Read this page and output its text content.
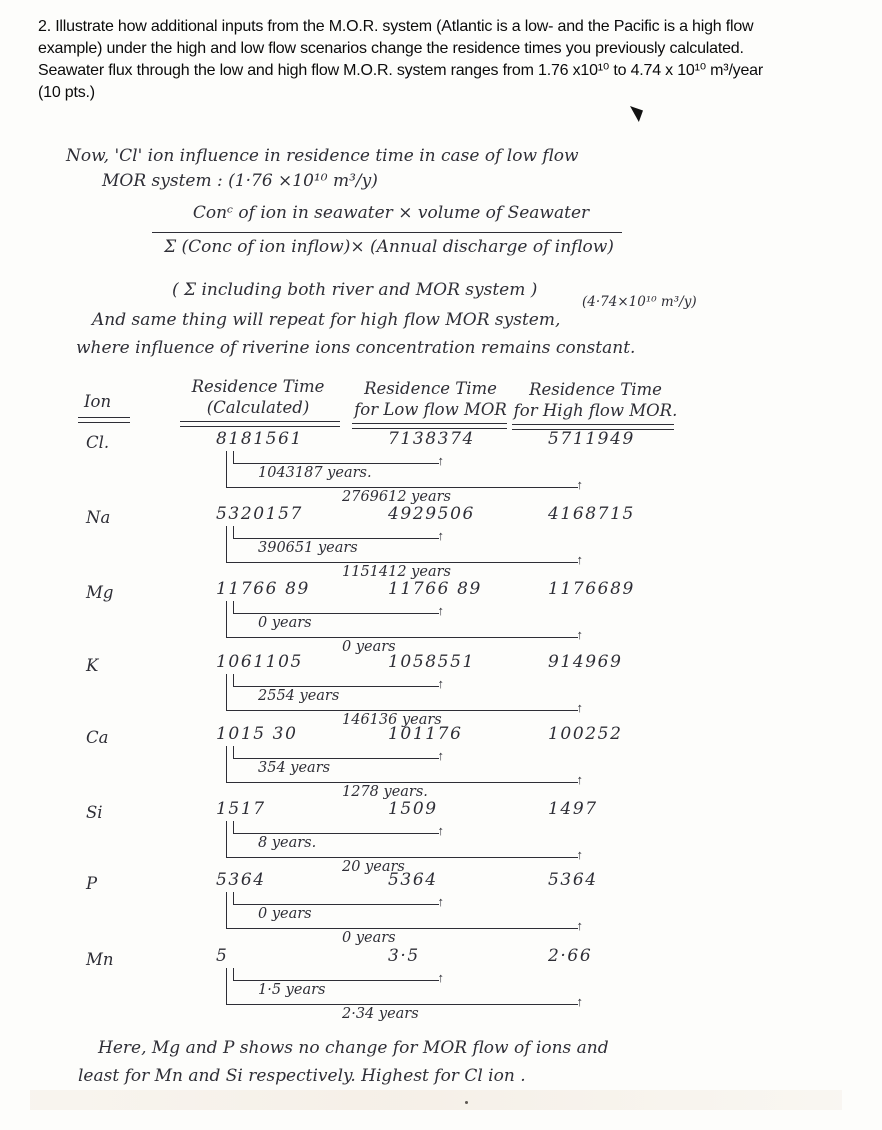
2. Illustrate how additional inputs from the M.O.R. system (Atlantic is a low- and the Pacific is a high flow
example) under the high and low flow scenarios change the residence times you previously calculated.
Seawater flux through the low and high flow M.O.R. system ranges from 1.76 x10¹⁰ to 4.74 x 10¹⁰ m³/year
(10 pts.)
Now, 'Cl' ion influence in residence time in case of low flow
MOR system : (1·76 ×10¹⁰ m³/y)
Conᶜ of ion in seawater × volume of Seawater
Σ (Conc of ion inflow)× (Annual discharge of inflow)
( Σ including both river and MOR system )
(4·74×10¹⁰ m³/y)
And same thing will repeat for high flow MOR system,
where influence of riverine ions concentration remains constant.
Ion
Residence Time
(Calculated)
Residence Time
for Low flow MOR
Residence Time
for High flow MOR.
Cl.	8181561	7138374	5711949
↑
1043187 years.
↑
2769612 years
Na	5320157	4929506	4168715
↑
390651 years
↑
1151412 years
Mg	11766 89	11766 89	1176689
↑
0 years
↑
0 years
K	1061105	1058551	914969
↑
2554 years
↑
146136 years
Ca	1015 30	101176	100252
↑
354 years
↑
1278 years.
Si	1517	1509	1497
↑
8 years.
↑
20 years
P	5364	5364	5364
↑
0 years
↑
0 years
Mn	5	3·5	2·66
↑
1·5 years
↑
2·34 years
Here, Mg and P shows no change for MOR flow of ions and
least for Mn and Si respectively. Highest for Cl ion .
